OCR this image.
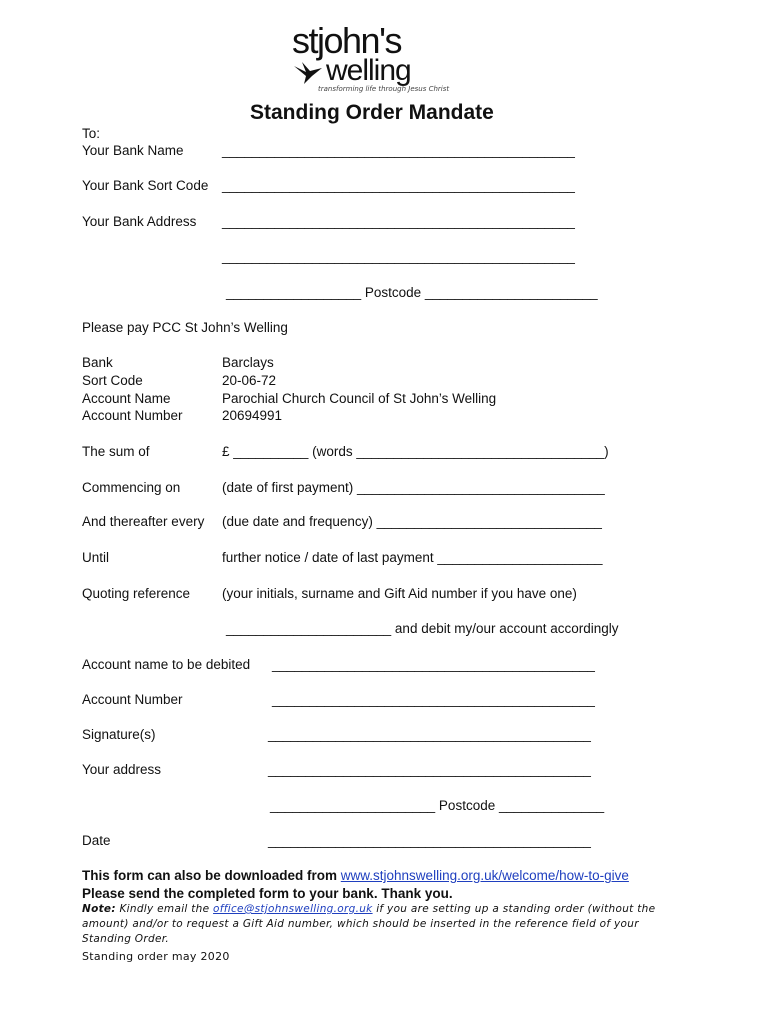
stjohn's
welling
transforming life through Jesus Christ
Standing Order Mandate
To:
Your Bank Name	_______________________________________________
Your Bank Sort Code _______________________________________________
Your Bank Address _______________________________________________
_______________________________________________
__________________ Postcode _______________________
Please pay PCC St John’s Welling
Bank	Barclays
Sort Code	20-06-72
Account Name	Parochial Church Council of St John’s Welling
Account Number	20694991
The sum of	£ __________ (words _________________________________)
Commencing on	(date of first payment) _________________________________
And thereafter every (due date and frequency) ______________________________
Until	further notice / date of last payment ______________________
Quoting reference (your initials, surname and Gift Aid number if you have one)
______________________ and debit my/our account accordingly
Account name to be debited ___________________________________________
Account Number	___________________________________________
Signature(s)	___________________________________________
Your address	___________________________________________
______________________ Postcode ______________
Date	___________________________________________
This form can also be downloaded from www.stjohnswelling.org.uk/welcome/how-to-give
Please send the completed form to your bank. Thank you.
Note: Kindly email the office@stjohnswelling.org.uk if you are setting up a standing order (without the amount) and/or to request a Gift Aid number, which should be inserted in the reference field of your Standing Order.
Standing order may 2020
